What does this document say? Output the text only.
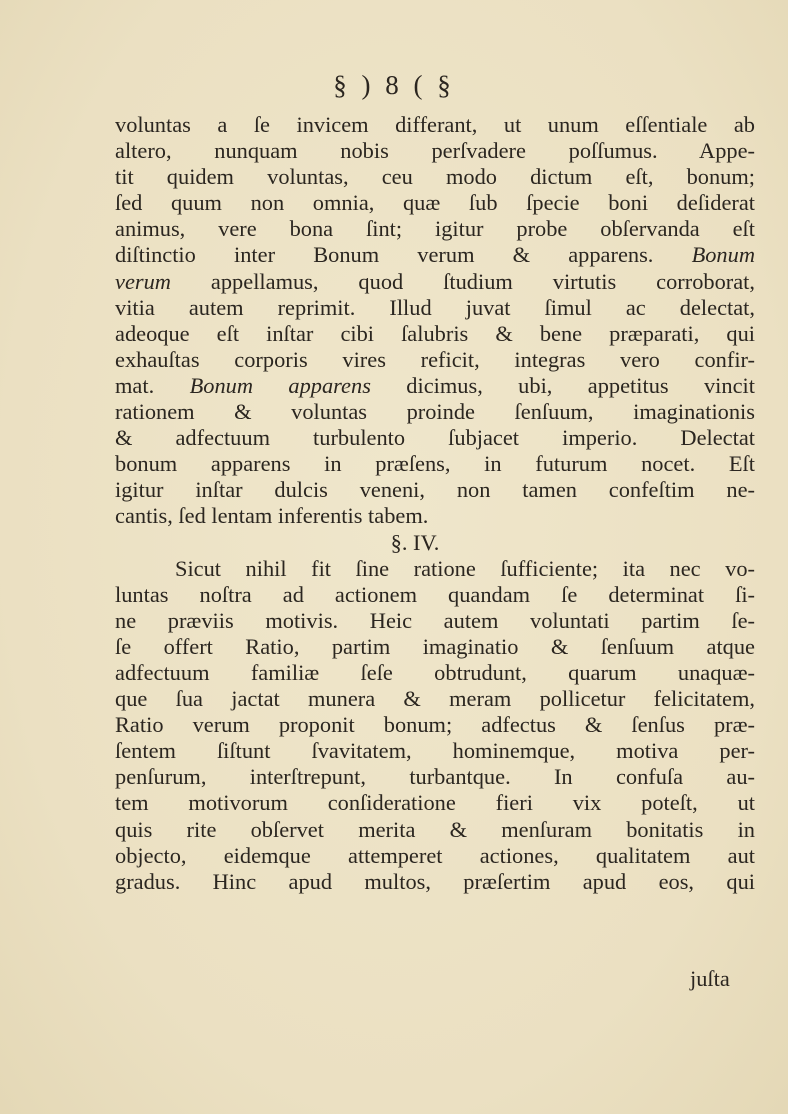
§ ) 8 ( §
voluntas a ſe invicem differant, ut unum eſſentiale ab
altero, nunquam nobis perſvadere poſſumus. Appe-
tit quidem voluntas, ceu modo dictum eſt, bonum;
ſed quum non omnia, quæ ſub ſpecie boni deſiderat
animus, vere bona ſint; igitur probe obſervanda eſt
diſtinctio inter Bonum verum & apparens. Bonum
verum appellamus, quod ſtudium virtutis corroborat,
vitia autem reprimit. Illud juvat ſimul ac delectat,
adeoque eſt inſtar cibi ſalubris & bene præparati, qui
exhauſtas corporis vires reficit, integras vero confir-
mat. Bonum apparens dicimus, ubi, appetitus vincit
rationem & voluntas proinde ſenſuum, imaginationis
& adfectuum turbulento ſubjacet imperio. Delectat
bonum apparens in præſens, in futurum nocet. Eſt
igitur inſtar dulcis veneni, non tamen confeſtim ne-
cantis, ſed lentam inferentis tabem.
§. IV.
Sicut nihil fit ſine ratione ſufficiente; ita nec vo-
luntas noſtra ad actionem quandam ſe determinat ſi-
ne præviis motivis. Heic autem voluntati partim ſe-
ſe offert Ratio, partim imaginatio & ſenſuum atque
adfectuum familiæ ſeſe obtrudunt, quarum unaquæ-
que ſua jactat munera & meram pollicetur felicitatem,
Ratio verum proponit bonum; adfectus & ſenſus præ-
ſentem ſiſtunt ſvavitatem, hominemque, motiva per-
penſurum, interſtrepunt, turbantque. In confuſa au-
tem motivorum conſideratione fieri vix poteſt, ut
quis rite obſervet merita & menſuram bonitatis in
objecto, eidemque attemperet actiones, qualitatem aut
gradus. Hinc apud multos, præſertim apud eos, qui
juſta
